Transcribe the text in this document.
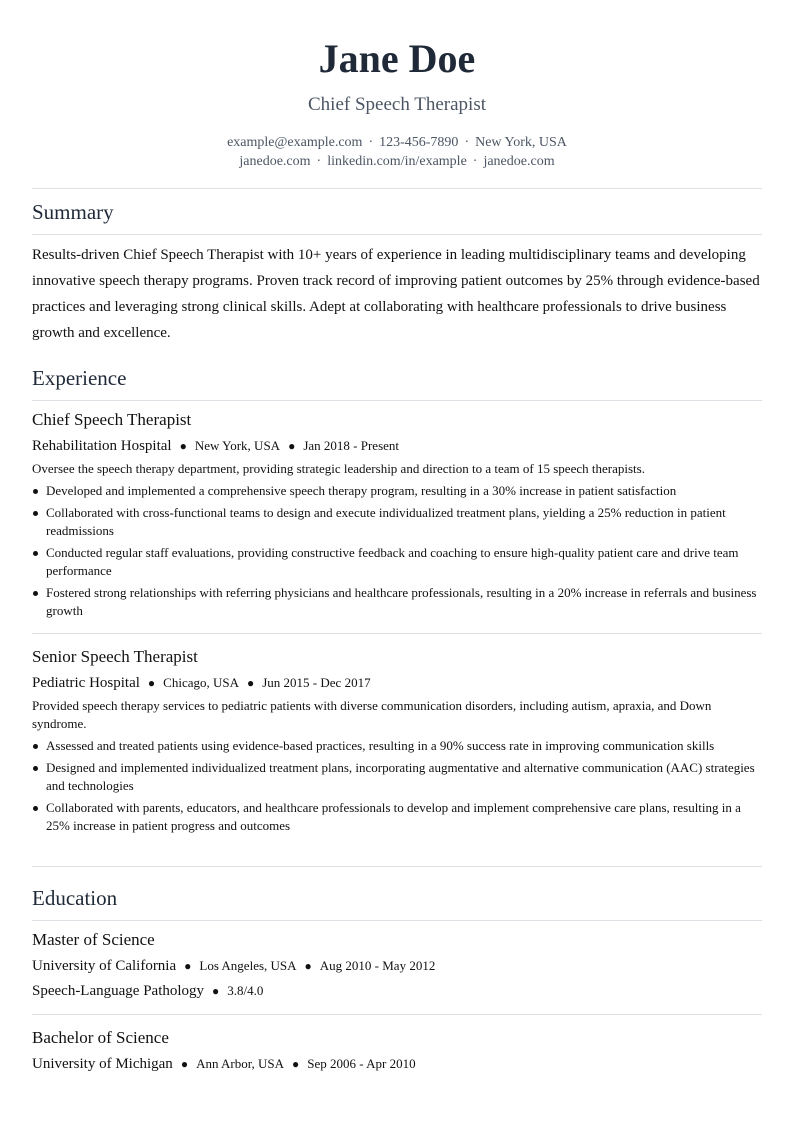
Jane Doe
Chief Speech Therapist
example@example.com · 123-456-7890 · New York, USA
janedoe.com · linkedin.com/in/example · janedoe.com
Summary
Results-driven Chief Speech Therapist with 10+ years of experience in leading multidisciplinary teams and developing innovative speech therapy programs. Proven track record of improving patient outcomes by 25% through evidence-based practices and leveraging strong clinical skills. Adept at collaborating with healthcare professionals to drive business growth and excellence.
Experience
Chief Speech Therapist
Rehabilitation Hospital ● New York, USA ● Jan 2018 - Present
Oversee the speech therapy department, providing strategic leadership and direction to a team of 15 speech therapists.
Developed and implemented a comprehensive speech therapy program, resulting in a 30% increase in patient satisfaction
Collaborated with cross-functional teams to design and execute individualized treatment plans, yielding a 25% reduction in patient readmissions
Conducted regular staff evaluations, providing constructive feedback and coaching to ensure high-quality patient care and drive team performance
Fostered strong relationships with referring physicians and healthcare professionals, resulting in a 20% increase in referrals and business growth
Senior Speech Therapist
Pediatric Hospital ● Chicago, USA ● Jun 2015 - Dec 2017
Provided speech therapy services to pediatric patients with diverse communication disorders, including autism, apraxia, and Down syndrome.
Assessed and treated patients using evidence-based practices, resulting in a 90% success rate in improving communication skills
Designed and implemented individualized treatment plans, incorporating augmentative and alternative communication (AAC) strategies and technologies
Collaborated with parents, educators, and healthcare professionals to develop and implement comprehensive care plans, resulting in a 25% increase in patient progress and outcomes
Education
Master of Science
University of California ● Los Angeles, USA ● Aug 2010 - May 2012
Speech-Language Pathology ● 3.8/4.0
Bachelor of Science
University of Michigan ● Ann Arbor, USA ● Sep 2006 - Apr 2010
